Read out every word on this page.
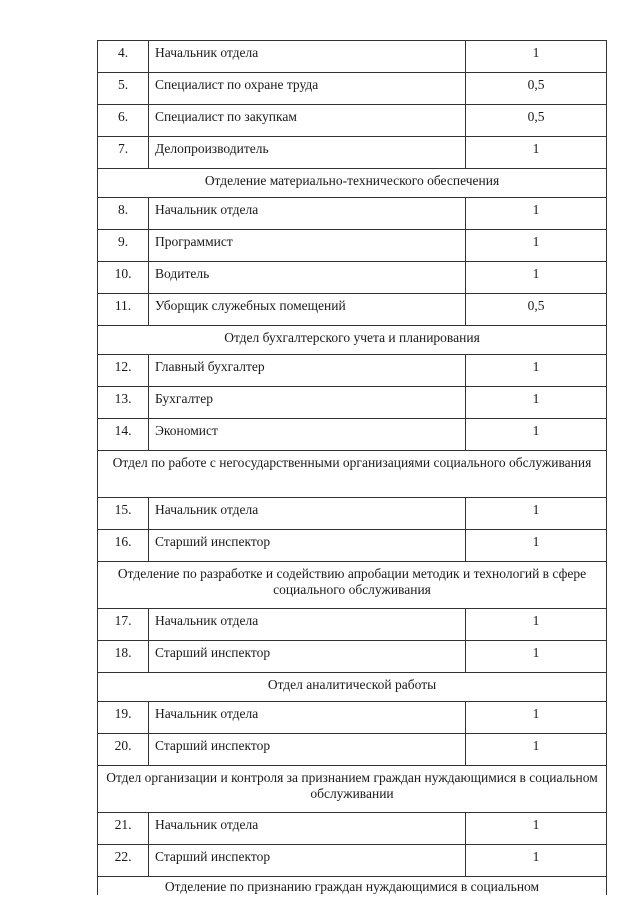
4.	Начальник отдела	1
5.	Специалист по охране труда	0,5
6.	Специалист по закупкам	0,5
7.	Делопроизводитель	1
Отделение материально-технического обеспечения		
8.	Начальник отдела	1
9.	Программист	1
10.	Водитель	1
11.	Уборщик служебных помещений	0,5
Отдел бухгалтерского учета и планирования		
12.	Главный бухгалтер	1
13.	Бухгалтер	1
14.	Экономист	1
Отдел по работе с негосударственными организациями социального обслуживания		
15.	Начальник отдела	1
16.	Старший инспектор	1
Отделение по разработке и содействию апробации методик и технологий в сфере социального обслуживания		
17.	Начальник отдела	1
18.	Старший инспектор	1
Отдел аналитической работы		
19.	Начальник отдела	1
20.	Старший инспектор	1
Отдел организации и контроля за признанием граждан нуждающимися в социальном обслуживании		
21.	Начальник отдела	1
22.	Старший инспектор	1
Отделение по признанию граждан нуждающимися в социальном		
